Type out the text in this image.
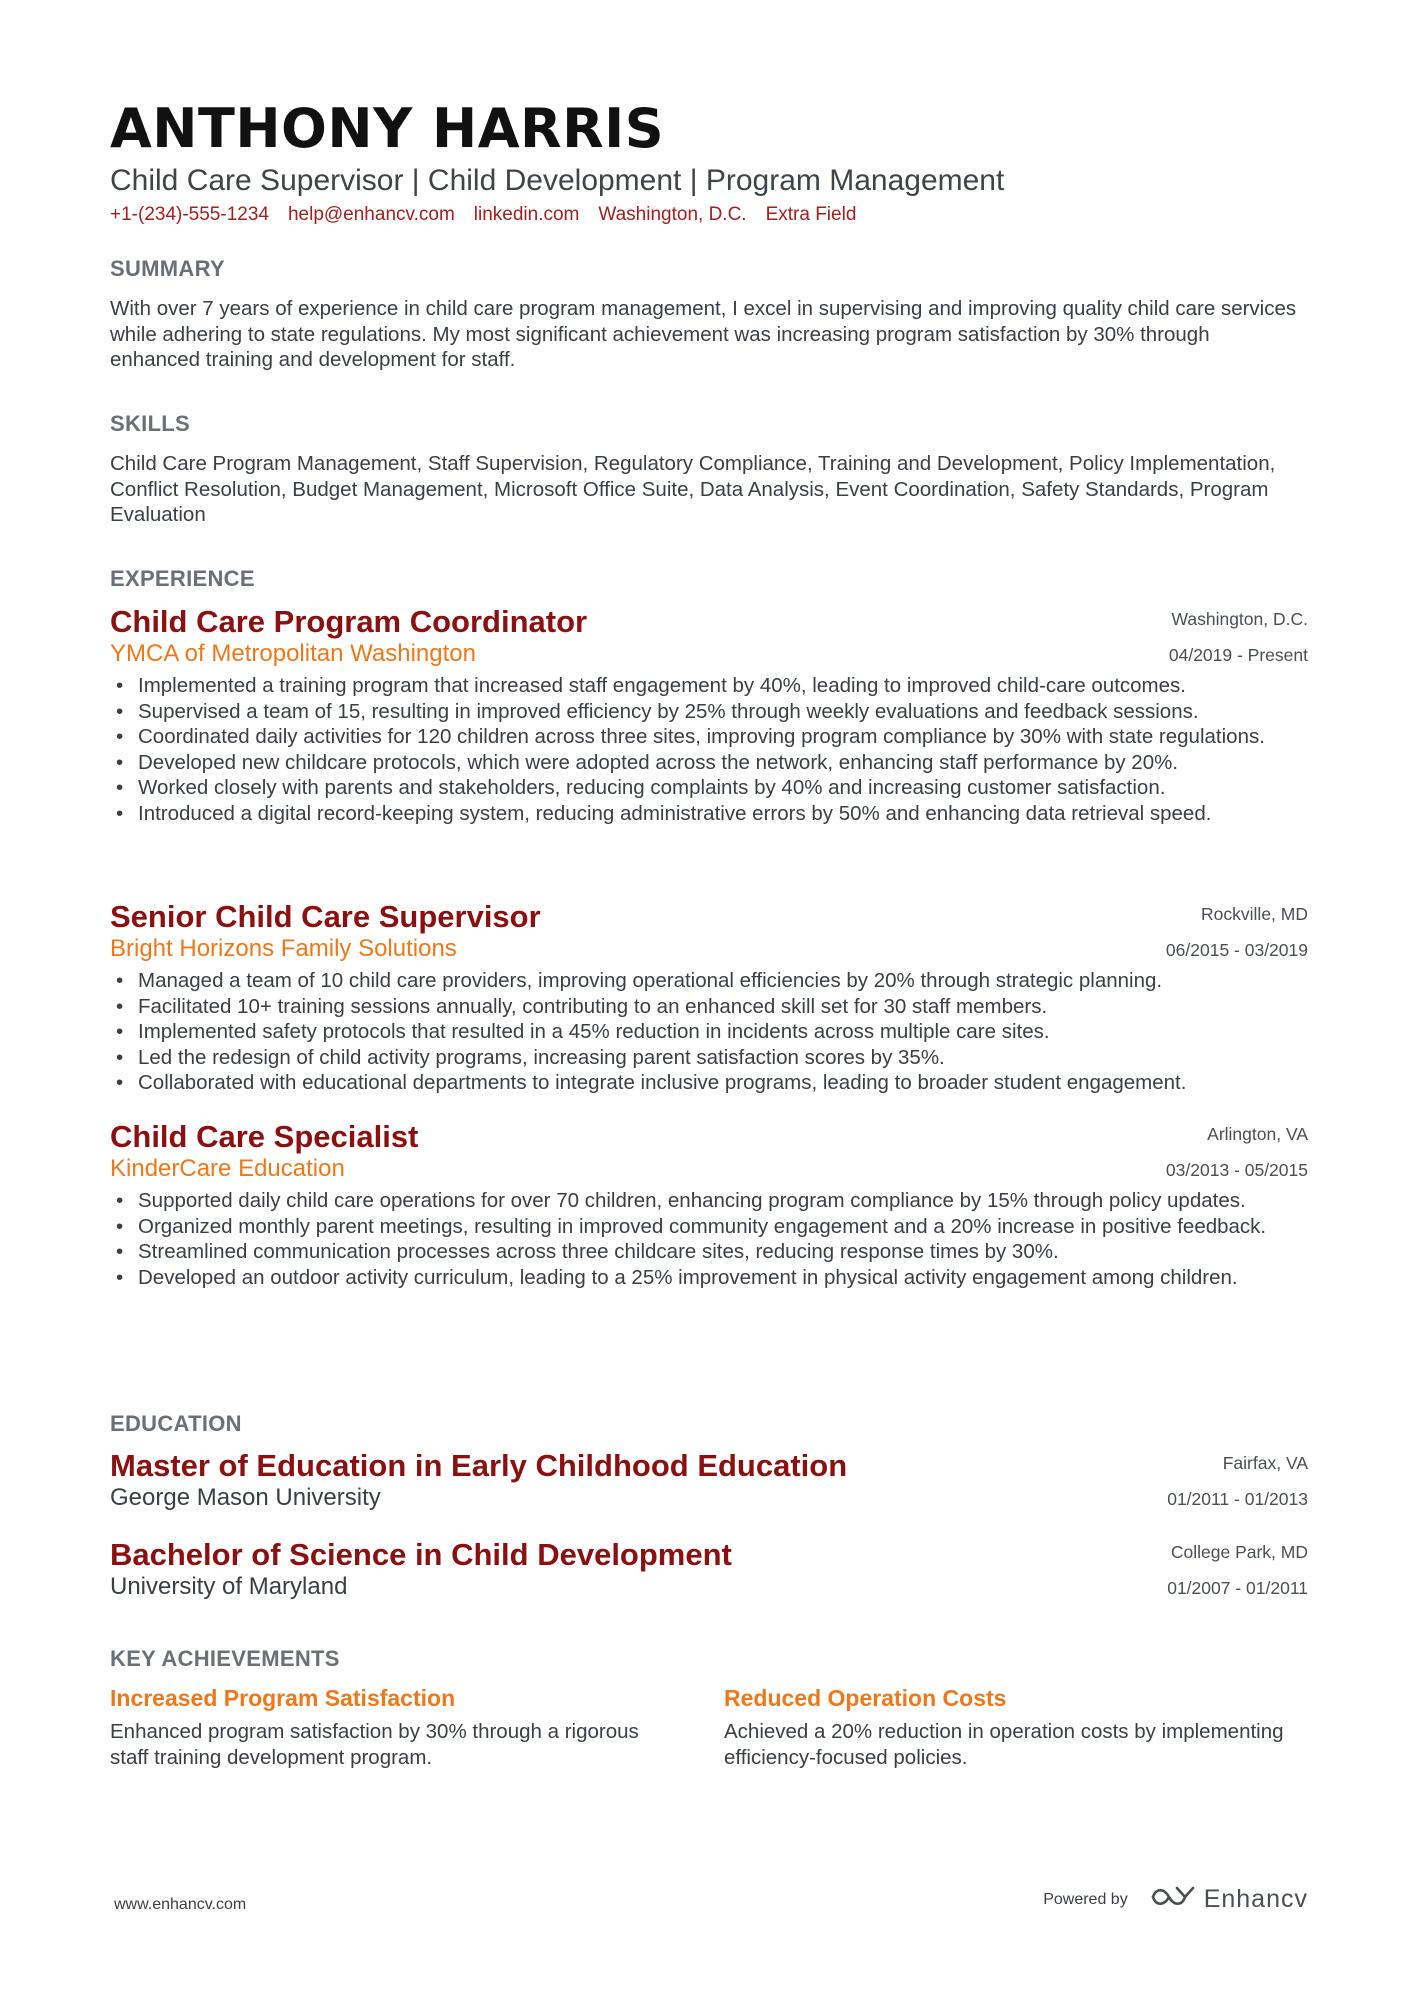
ANTHONY HARRIS
Child Care Supervisor | Child Development | Program Management
+1-(234)-555-1234 help@enhancv.com linkedin.com Washington, D.C. Extra Field
SUMMARY

With over 7 years of experience in child care program management, I excel in supervising and improving quality child care services while adhering to state regulations. My most significant achievement was increasing program satisfaction by 30% through enhanced training and development for staff.

SKILLS

Child Care Program Management, Staff Supervision, Regulatory Compliance, Training and Development, Policy Implementation, Conflict Resolution, Budget Management, Microsoft Office Suite, Data Analysis, Event Coordination, Safety Standards, Program Evaluation

EXPERIENCE
Child Care Program Coordinator
YMCA of Metropolitan Washington
Washington, D.C.
04/2019 - Present
• Implemented a training program that increased staff engagement by 40%, leading to improved child-care outcomes.
• Supervised a team of 15, resulting in improved efficiency by 25% through weekly evaluations and feedback sessions.
• Coordinated daily activities for 120 children across three sites, improving program compliance by 30% with state regulations.
• Developed new childcare protocols, which were adopted across the network, enhancing staff performance by 20%.
• Worked closely with parents and stakeholders, reducing complaints by 40% and increasing customer satisfaction.
• Introduced a digital record-keeping system, reducing administrative errors by 50% and enhancing data retrieval speed.
Senior Child Care Supervisor
Bright Horizons Family Solutions
Rockville, MD
06/2015 - 03/2019
• Managed a team of 10 child care providers, improving operational efficiencies by 20% through strategic planning.
• Facilitated 10+ training sessions annually, contributing to an enhanced skill set for 30 staff members.
• Implemented safety protocols that resulted in a 45% reduction in incidents across multiple care sites.
• Led the redesign of child activity programs, increasing parent satisfaction scores by 35%.
• Collaborated with educational departments to integrate inclusive programs, leading to broader student engagement.
Child Care Specialist
KinderCare Education
Arlington, VA
03/2013 - 05/2015
• Supported daily child care operations for over 70 children, enhancing program compliance by 15% through policy updates.
• Organized monthly parent meetings, resulting in improved community engagement and a 20% increase in positive feedback.
• Streamlined communication processes across three childcare sites, reducing response times by 30%.
• Developed an outdoor activity curriculum, leading to a 25% improvement in physical activity engagement among children.
EDUCATION
Master of Education in Early Childhood Education
George Mason University
Fairfax, VA
01/2011 - 01/2013
Bachelor of Science in Child Development
University of Maryland
College Park, MD
01/2007 - 01/2011
KEY ACHIEVEMENTS
Increased Program Satisfaction

Enhanced program satisfaction by 30% through a rigorous staff training development program.

Reduced Operation Costs

Achieved a 20% reduction in operation costs by implementing efficiency-focused policies.

www.enhancv.com	Powered by	Enhancv
